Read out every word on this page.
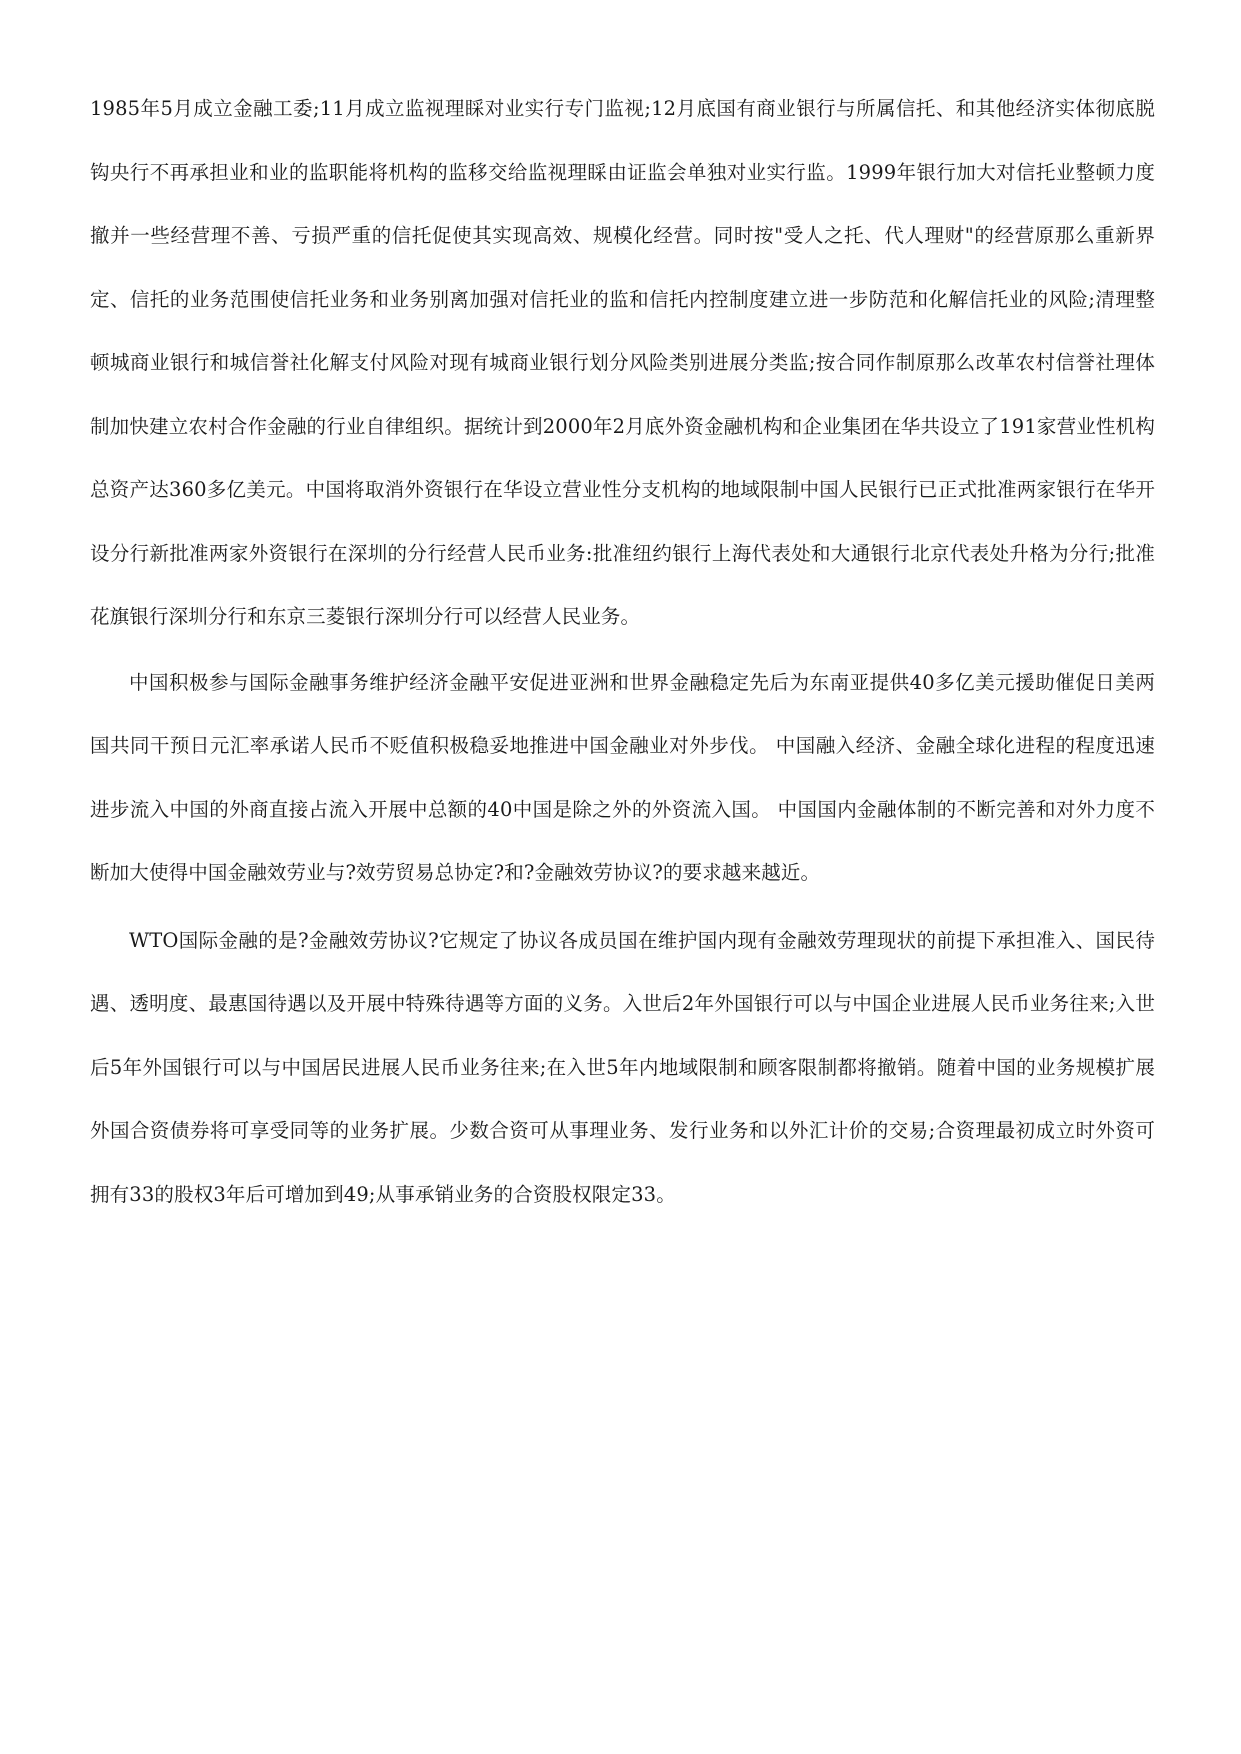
1985年5月成立金融工委;11月成立监视理睬对业实行专门监视;12月底国有商业银行与所属信托、和其他经济实体彻底脱钩央行不再承担业和业的监职能将机构的监移交给监视理睬由证监会单独对业实行监。1999年银行加大对信托业整顿力度撤并一些经营理不善、亏损严重的信托促使其实现高效、规模化经营。同时按"受人之托、代人理财"的经营原那么重新界定、信托的业务范围使信托业务和业务别离加强对信托业的监和信托内控制度建立进一步防范和化解信托业的风险;清理整顿城商业银行和城信誉社化解支付风险对现有城商业银行划分风险类别进展分类监;按合同作制原那么改革农村信誉社理体制加快建立农村合作金融的行业自律组织。据统计到2000年2月底外资金融机构和企业集团在华共设立了191家营业性机构总资产达360多亿美元。中国将取消外资银行在华设立营业性分支机构的地域限制中国人民银行已正式批准两家银行在华开设分行新批准两家外资银行在深圳的分行经营人民币业务:批准纽约银行上海代表处和大通银行北京代表处升格为分行;批准花旗银行深圳分行和东京三菱银行深圳分行可以经营人民业务。

中国积极参与国际金融事务维护经济金融平安促进亚洲和世界金融稳定先后为东南亚提供40多亿美元援助催促日美两国共同干预日元汇率承诺人民币不贬值积极稳妥地推进中国金融业对外步伐。 中国融入经济、金融全球化进程的程度迅速进步流入中国的外商直接占流入开展中总额的40中国是除之外的外资流入国。 中国国内金融体制的不断完善和对外力度不断加大使得中国金融效劳业与?效劳贸易总协定?和?金融效劳协议?的要求越来越近。

WTO国际金融的是?金融效劳协议?它规定了协议各成员国在维护国内现有金融效劳理现状的前提下承担准入、国民待遇、透明度、最惠国待遇以及开展中特殊待遇等方面的义务。入世后2年外国银行可以与中国企业进展人民币业务往来;入世后5年外国银行可以与中国居民进展人民币业务往来;在入世5年内地域限制和顾客限制都将撤销。随着中国的业务规模扩展外国合资债券将可享受同等的业务扩展。少数合资可从事理业务、发行业务和以外汇计价的交易;合资理最初成立时外资可拥有33的股权3年后可增加到49;从事承销业务的合资股权限定33。
